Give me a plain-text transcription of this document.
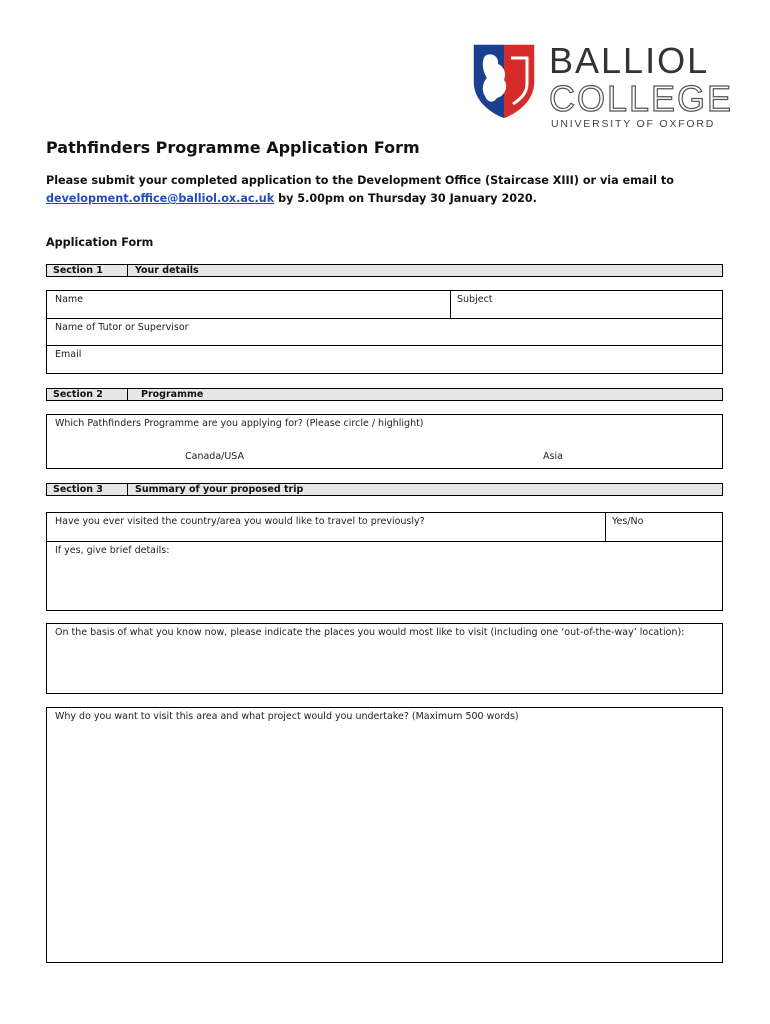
BALLIOL
COLLEGE
UNIVERSITY OF OXFORD
Pathfinders Programme Application Form
Please submit your completed application to the Development Office (Staircase XIII) or via email to
development.office@balliol.ox.ac.uk by 5.00pm on Thursday 30 January 2020.
Application Form
Section 1	Your details
Name	Subject
Name of Tutor or Supervisor
Email
Section 2	Programme
Which Pathfinders Programme are you applying for? (Please circle / highlight)
Canada/USA	Asia
Section 3	Summary of your proposed trip
Have you ever visited the country/area you would like to travel to previously?	Yes/No
If yes, give brief details:
On the basis of what you know now, please indicate the places you would most like to visit (including one ‘out-of-the-way’ location):
Why do you want to visit this area and what project would you undertake? (Maximum 500 words)
